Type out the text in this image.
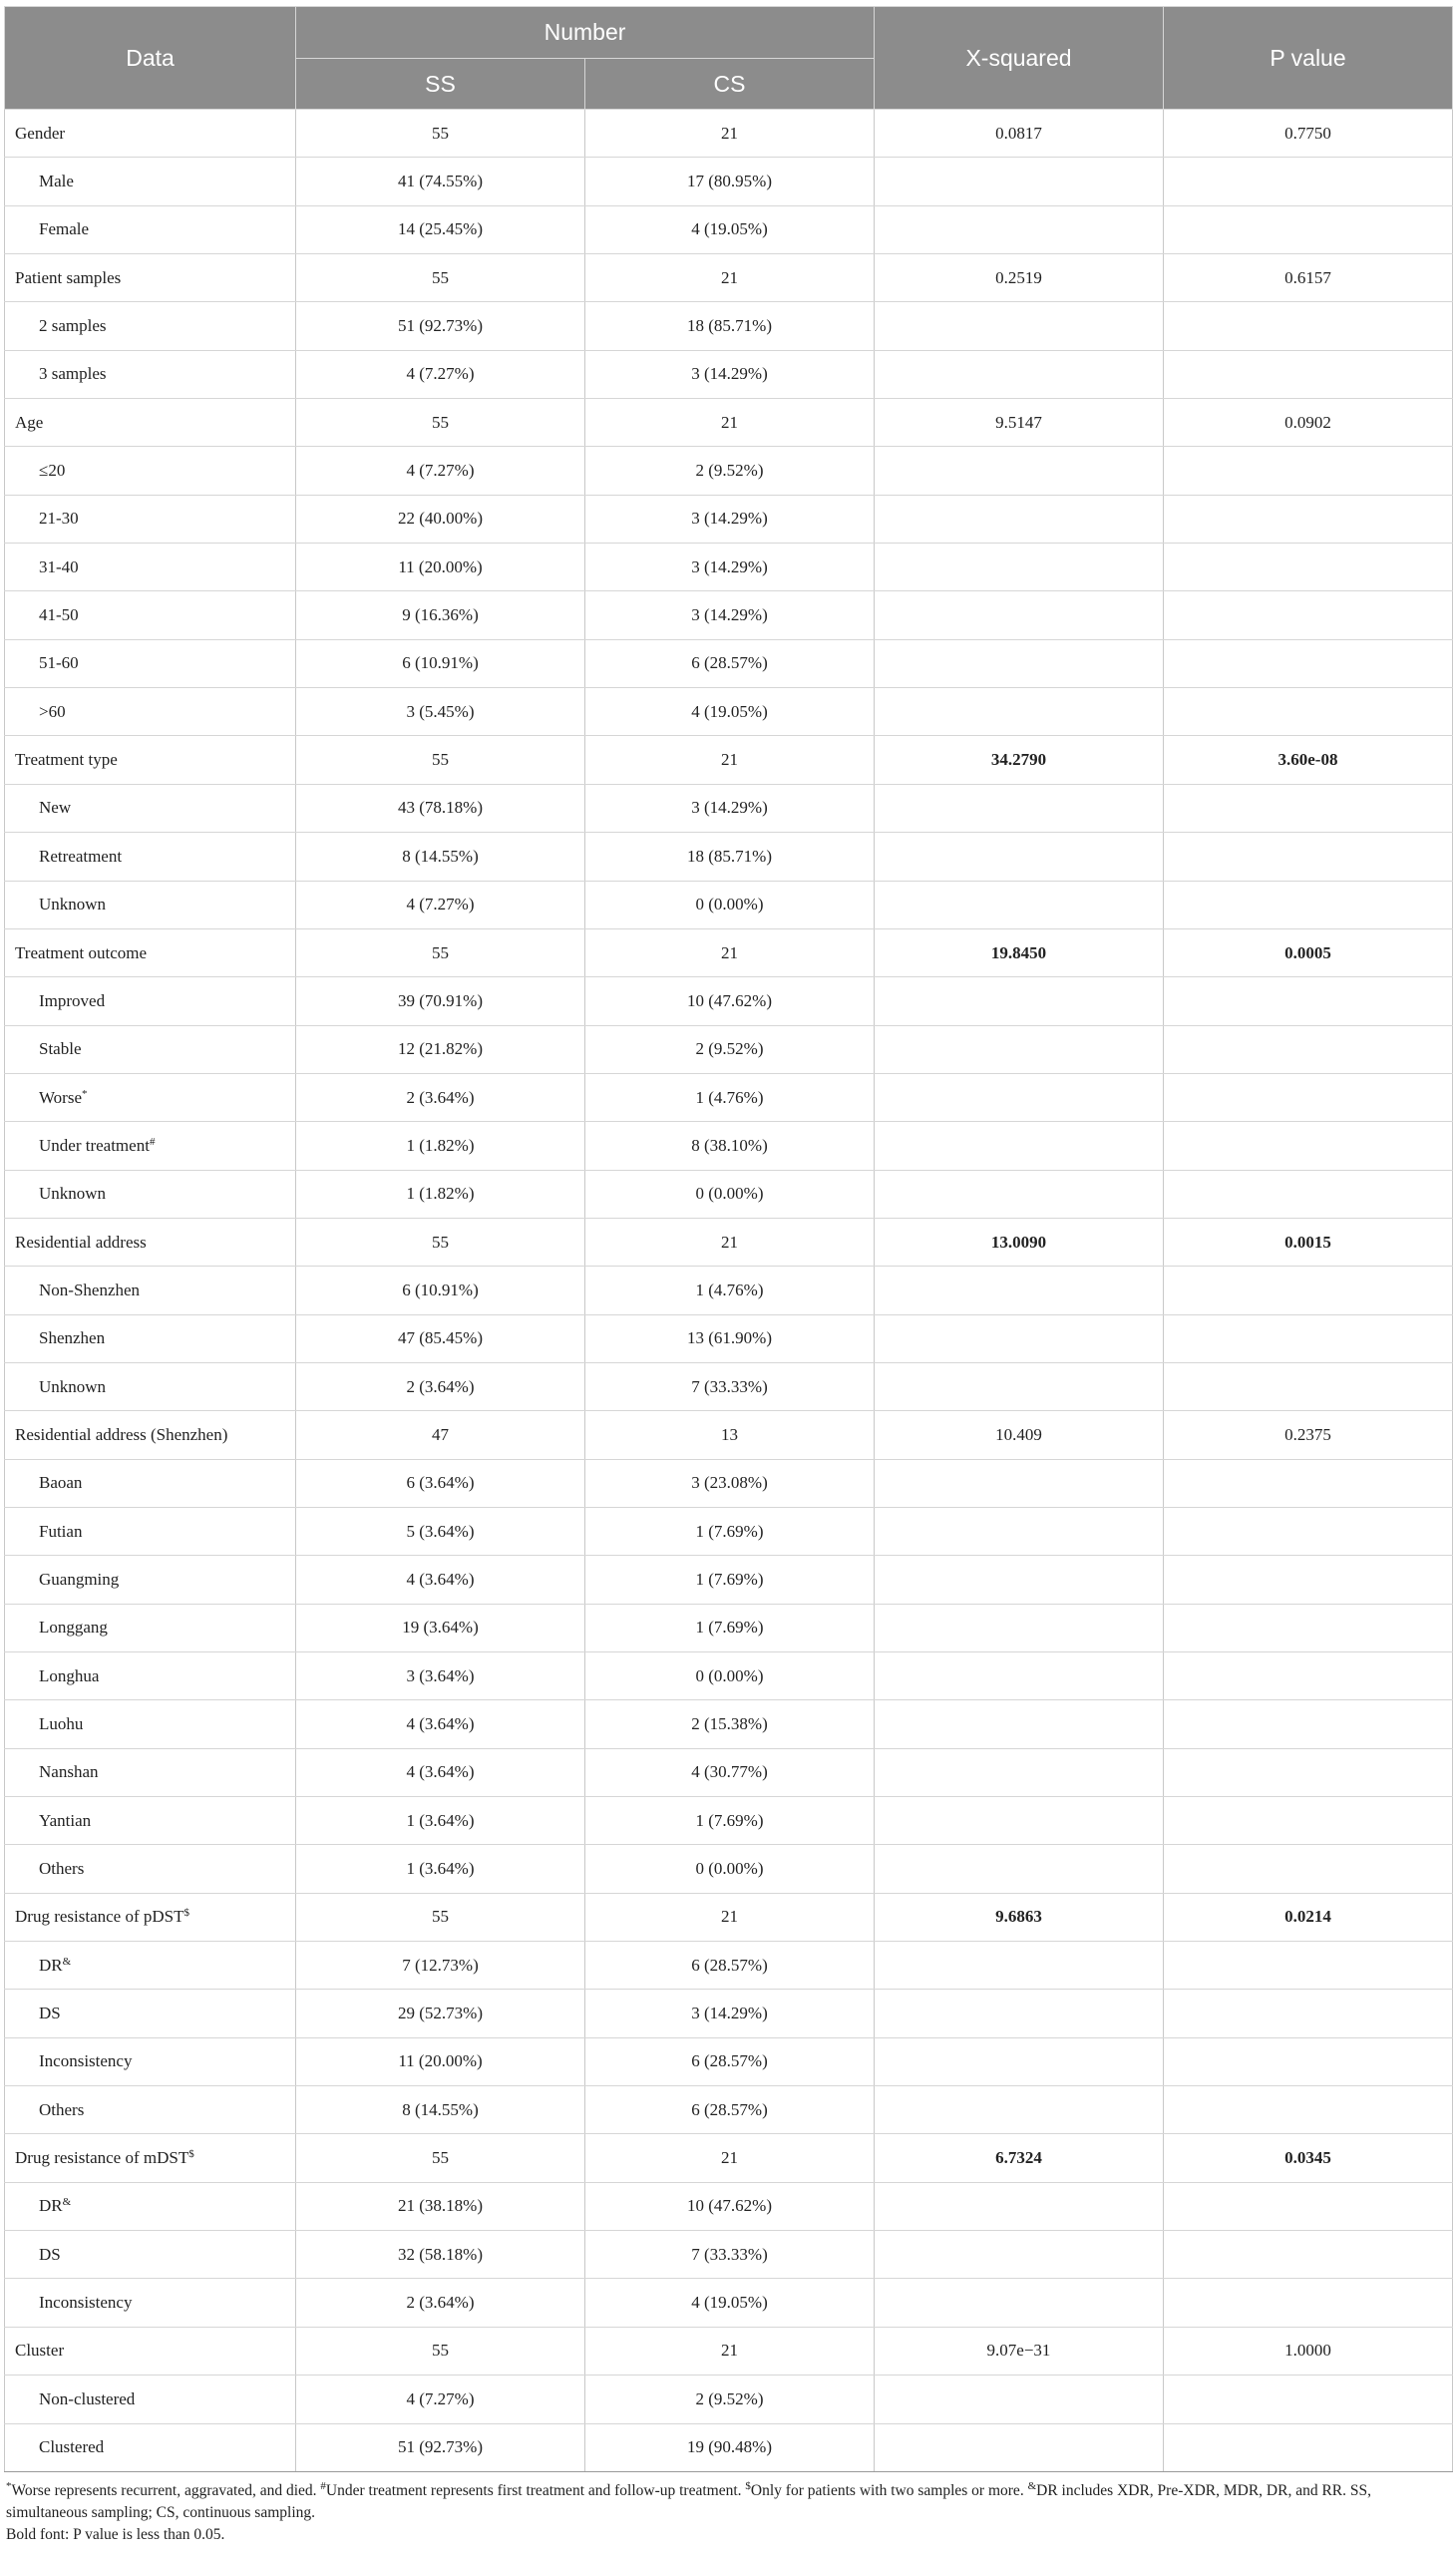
Data	Number		X-squared	P value
	SS	CS		
Gender	55	21	0.0817	0.7750
Male	41 (74.55%)	17 (80.95%)		
Female	14 (25.45%)	4 (19.05%)		
Patient samples	55	21	0.2519	0.6157
2 samples	51 (92.73%)	18 (85.71%)		
3 samples	4 (7.27%)	3 (14.29%)		
Age	55	21	9.5147	0.0902
≤20	4 (7.27%)	2 (9.52%)		
21-30	22 (40.00%)	3 (14.29%)		
31-40	11 (20.00%)	3 (14.29%)		
41-50	9 (16.36%)	3 (14.29%)		
51-60	6 (10.91%)	6 (28.57%)		
>60	3 (5.45%)	4 (19.05%)		
Treatment type	55	21	34.2790	3.60e-08
New	43 (78.18%)	3 (14.29%)		
Retreatment	8 (14.55%)	18 (85.71%)		
Unknown	4 (7.27%)	0 (0.00%)		
Treatment outcome	55	21	19.8450	0.0005
Improved	39 (70.91%)	10 (47.62%)		
Stable	12 (21.82%)	2 (9.52%)		
Worse*	2 (3.64%)	1 (4.76%)		
Under treatment#	1 (1.82%)	8 (38.10%)		
Unknown	1 (1.82%)	0 (0.00%)		
Residential address	55	21	13.0090	0.0015
Non-Shenzhen	6 (10.91%)	1 (4.76%)		
Shenzhen	47 (85.45%)	13 (61.90%)		
Unknown	2 (3.64%)	7 (33.33%)		
Residential address (Shenzhen)	47	13	10.409	0.2375
Baoan	6 (3.64%)	3 (23.08%)		
Futian	5 (3.64%)	1 (7.69%)		
Guangming	4 (3.64%)	1 (7.69%)		
Longgang	19 (3.64%)	1 (7.69%)		
Longhua	3 (3.64%)	0 (0.00%)		
Luohu	4 (3.64%)	2 (15.38%)		
Nanshan	4 (3.64%)	4 (30.77%)		
Yantian	1 (3.64%)	1 (7.69%)		
Others	1 (3.64%)	0 (0.00%)		
Drug resistance of pDST$	55	21	9.6863	0.0214
DR&	7 (12.73%)	6 (28.57%)		
DS	29 (52.73%)	3 (14.29%)		
Inconsistency	11 (20.00%)	6 (28.57%)		
Others	8 (14.55%)	6 (28.57%)		
Drug resistance of mDST$	55	21	6.7324	0.0345
DR&	21 (38.18%)	10 (47.62%)		
DS	32 (58.18%)	7 (33.33%)		
Inconsistency	2 (3.64%)	4 (19.05%)		
Cluster	55	21	9.07e−31	1.0000
Non-clustered	4 (7.27%)	2 (9.52%)		
Clustered	51 (92.73%)	19 (90.48%)		

*Worse represents recurrent, aggravated, and died. #Under treatment represents first treatment and follow-up treatment. $Only for patients with two samples or more. &DR includes XDR, Pre-XDR, MDR, DR, and RR. SS, simultaneous sampling; CS, continuous sampling.

Bold font: P value is less than 0.05.
